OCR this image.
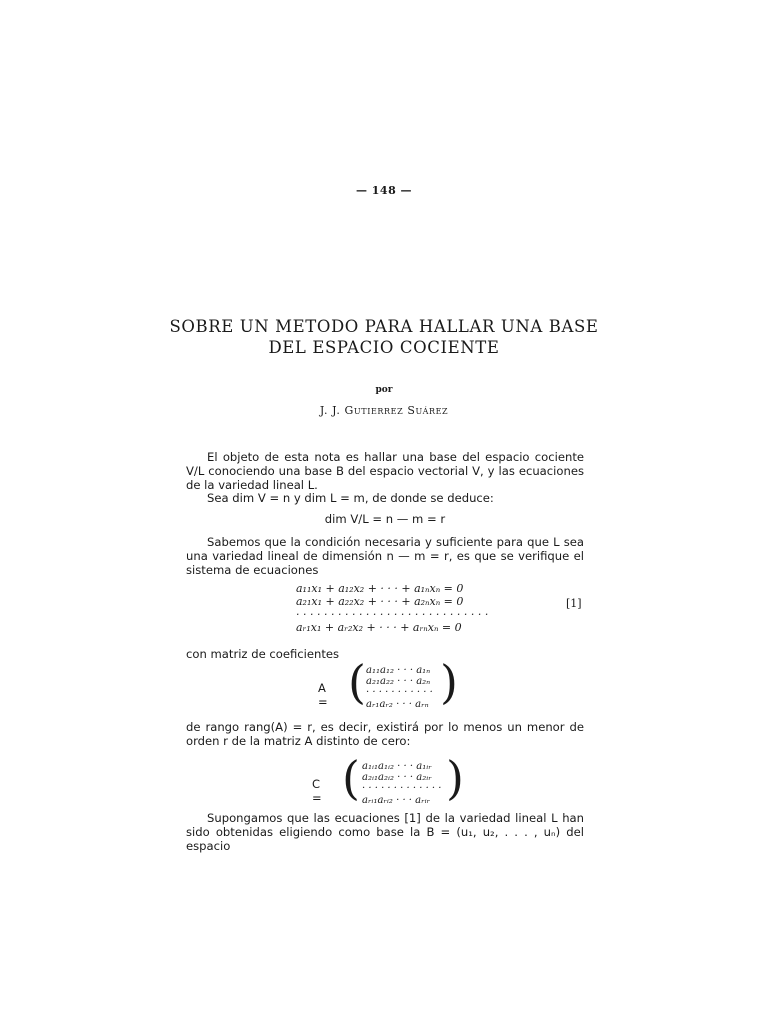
— 148 —
SOBRE UN METODO PARA HALLAR UNA BASE
DEL ESPACIO COCIENTE
por
J. J. Gutierrez Suárez
El objeto de esta nota es hallar una base del espacio cociente V/L conociendo una base B del espacio vectorial V, y las ecuaciones de la variedad lineal L.
Sea dim V = n y dim L = m, de donde se deduce:
dim V/L = n — m = r
Sabemos que la condición necesaria y suficiente para que L sea una variedad lineal de dimensión n — m = r, es que se verifique el sistema de ecuaciones
a₁₁x₁ + a₁₂x₂ + · · · + a₁ₙxₙ = 0
a₂₁x₁ + a₂₂x₂ + · · · + a₂ₙxₙ = 0
· · · · · · · · · · · · · · · · · · · · · · · · · · · ·
aᵣ₁x₁ + aᵣ₂x₂ + · · · + aᵣₙxₙ = 0
[1]
con matriz de coeficientes
A = ( a₁₁a₁₂ · · · a₁ₙ
a₂₁a₂₂ · · · a₂ₙ
· · · · · · · · · · ·
aᵣ₁aᵣ₂ · · · aᵣₙ )
de rango rang(A) = r, es decir, existirá por lo menos un menor de orden r de la matriz A distinto de cero:
C = ( a₁ᵢ₁a₁ᵢ₂ · · · a₁ᵢᵣ
a₂ᵢ₁a₂ᵢ₂ · · · a₂ᵢᵣ
· · · · · · · · · · · · ·
aᵣᵢ₁aᵣᵢ₂ · · · aᵣᵢᵣ )
Supongamos que las ecuaciones [1] de la variedad lineal L han sido obtenidas eligiendo como base la B = (u₁, u₂, . . . , uₙ) del espacio
